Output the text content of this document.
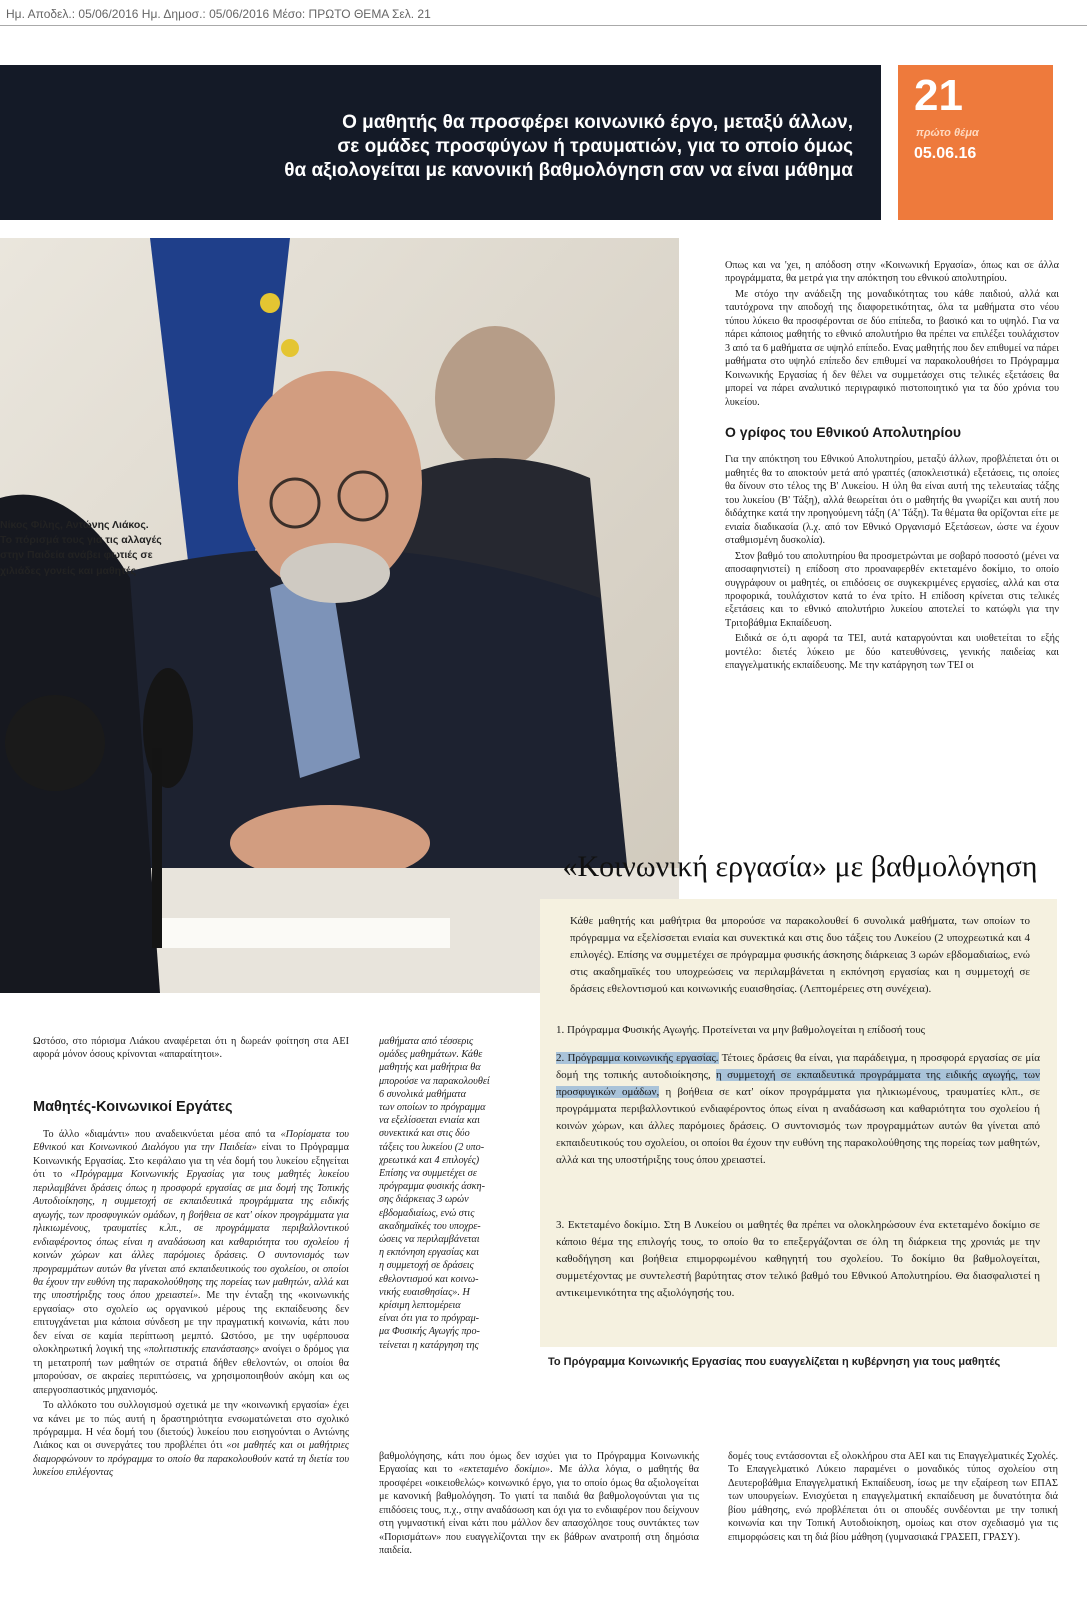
Ημ. Αποδελ.: 05/06/2016 Ημ. Δημοσ.: 05/06/2016 Μέσο: ΠΡΩΤΟ ΘΕΜΑ Σελ. 21

Ο μαθητής θα προσφέρει κοινωνικό έργο, μεταξύ άλλων,
σε ομάδες προσφύγων ή τραυματιών, για το οποίο όμως
θα αξιολογείται με κανονική βαθμολόγηση σαν να είναι μάθημα

21
πρώτο θέμα
05.06.16
Νίκος Φίλης, Αντώνης Λιάκος.
Το πόρισμά τους για τις αλλαγές
στην Παιδεία ανάβει φωτιές σε
χιλιάδες γονείς και μαθητές

Οπως και να 'χει, η απόδοση στην «Κοινωνική Εργασία», όπως και σε άλλα προγράμματα, θα μετρά για την απόκτηση του εθνικού απολυτηρίου.

Με στόχο την ανάδειξη της μοναδικότητας του κάθε παιδιού, αλλά και ταυτόχρονα την αποδοχή της διαφορετικότητας, όλα τα μαθήματα στο νέου τύπου λύκειο θα προσφέρονται σε δύο επίπεδα, το βασικό και το υψηλό. Για να πάρει κάποιος μαθητής το εθνικό απολυτήριο θα πρέπει να επιλέξει τουλάχιστον 3 από τα 6 μαθήματα σε υψηλό επίπεδο. Ενας μαθητής που δεν επιθυμεί να πάρει μαθήματα στο υψηλό επίπεδο δεν επιθυμεί να παρακολουθήσει το Πρόγραμμα Κοινωνικής Εργασίας ή δεν θέλει να συμμετάσχει στις τελικές εξετάσεις θα μπορεί να πάρει αναλυτικό περιγραφικό πιστοποιητικό για τα δύο χρόνια του λυκείου.

Ο γρίφος του Εθνικού Απολυτηρίου

Για την απόκτηση του Εθνικού Απολυτηρίου, μεταξύ άλλων, προβλέπεται ότι οι μαθητές θα το αποκτούν μετά από γραπτές (αποκλειστικά) εξετάσεις, τις οποίες θα δίνουν στο τέλος της Β' Λυκείου. Η ύλη θα είναι αυτή της τελευταίας τάξης του λυκείου (Β' Τάξη), αλλά θεωρείται ότι ο μαθητής θα γνωρίζει και αυτή που διδάχτηκε κατά την προηγούμενη τάξη (Α' Τάξη). Τα θέματα θα ορίζονται είτε με ενιαία διαδικασία (λ.χ. από τον Εθνικό Οργανισμό Εξετάσεων, ώστε να έχουν σταθμισμένη δυσκολία).

Στον βαθμό του απολυτηρίου θα προσμετρώνται με σοβαρό ποσοστό (μένει να αποσαφηνιστεί) η επίδοση στο προαναφερθέν εκτεταμένο δοκίμιο, το οποίο συγγράφουν οι μαθητές, οι επιδόσεις σε συγκεκριμένες εργασίες, αλλά και στα προφορικά, τουλάχιστον κατά το ένα τρίτο. Η επίδοση κρίνεται στις τελικές εξετάσεις και το εθνικό απολυτήριο λυκείου αποτελεί το κατώφλι για την Τριτοβάθμια Εκπαίδευση.

Ειδικά σε ό,τι αφορά τα ΤΕΙ, αυτά καταργούνται και υιοθετείται το εξής μοντέλο: διετές λύκειο με δύο κατευθύνσεις, γενικής παιδείας και επαγγελματικής εκπαίδευσης. Με την κατάργηση των ΤΕΙ οι

«Κοινωνική εργασία» με βαθμολόγηση
Κάθε μαθητής και μαθήτρια θα μπορούσε να παρακολουθεί 6 συνολικά μαθήματα, των οποίων το πρόγραμμα να εξελίσσεται ενιαία και συνεκτικά και στις δυο τάξεις του Λυκείου (2 υποχρεωτικά και 4 επιλογές). Επίσης να συμμετέχει σε πρόγραμμα φυσικής άσκησης διάρκειας 3 ωρών εβδομαδιαίως, ενώ στις ακαδημαϊκές του υποχρεώσεις να περιλαμβάνεται η εκπόνηση εργασίας και η συμμετοχή σε δράσεις εθελοντισμού και κοινωνικής ευαισθησίας. (Λεπτομέρειες στη συνέχεια).
1. Πρόγραμμα Φυσικής Αγωγής. Προτείνεται να μην βαθμολογείται η επίδοσή τους
2. Πρόγραμμα κοινωνικής εργασίας. Τέτοιες δράσεις θα είναι, για παράδειγμα, η προσφορά εργασίας σε μία δομή της τοπικής αυτοδιοίκησης, η συμμετοχή σε εκπαιδευτικά προγράμματα της ειδικής αγωγής, των προσφυγικών ομάδων, η βοήθεια σε κατ' οίκον προγράμματα για ηλικιωμένους, τραυματίες κλπ., σε προγράμματα περιβαλλοντικού ενδιαφέροντος όπως είναι η αναδάσωση και καθαριότητα του σχολείου ή κοινών χώρων, και άλλες παρόμοιες δράσεις. Ο συντονισμός των προγραμμάτων αυτών θα γίνεται από εκπαιδευτικούς του σχολείου, οι οποίοι θα έχουν την ευθύνη της παρακολούθησης της πορείας των μαθητών, αλλά και της υποστήριξης τους όπου χρειαστεί.
3. Εκτεταμένο δοκίμιο. Στη Β Λυκείου οι μαθητές θα πρέπει να ολοκληρώσουν ένα εκτεταμένο δοκίμιο σε κάποιο θέμα της επιλογής τους, το οποίο θα το επεξεργάζονται σε όλη τη διάρκεια της χρονιάς με την καθοδήγηση και βοήθεια επιμορφωμένου καθηγητή του σχολείου. Το δοκίμιο θα βαθμολογείται, συμμετέχοντας με συντελεστή βαρύτητας στον τελικό βαθμό του Εθνικού Απολυτηρίου. Θα διασφαλιστεί η αντικειμενικότητα της αξιολόγησής του.
Το Πρόγραμμα Κοινωνικής Εργασίας που ευαγγελίζεται η κυβέρνηση για τους μαθητές

Ωστόσο, στο πόρισμα Λιάκου αναφέρεται ότι η δωρεάν φοίτηση στα ΑΕΙ αφορά μόνον όσους κρίνονται «απαραίτητοι».

Μαθητές-Κοινωνικοί Εργάτες

Το άλλο «διαμάντι» που αναδεικνύεται μέσα από τα «Πορίσματα του Εθνικού και Κοινωνικού Διαλόγου για την Παιδεία» είναι το Πρόγραμμα Κοινωνικής Εργασίας. Στο κεφάλαιο για τη νέα δομή του λυκείου εξηγείται ότι το «Πρόγραμμα Κοινωνικής Εργασίας για τους μαθητές λυκείου περιλαμβάνει δράσεις όπως η προσφορά εργασίας σε μια δομή της Τοπικής Αυτοδιοίκησης, η συμμετοχή σε εκπαιδευτικά προγράμματα της ειδικής αγωγής, των προσφυγικών ομάδων, η βοήθεια σε κατ' οίκον προγράμματα για ηλικιωμένους, τραυματίες κ.λπ., σε προγράμματα περιβαλλοντικού ενδιαφέροντος όπως είναι η αναδάσωση και καθαριότητα του σχολείου ή κοινών χώρων και άλλες παρόμοιες δράσεις. Ο συντονισμός των προγραμμάτων αυτών θα γίνεται από εκπαιδευτικούς του σχολείου, οι οποίοι θα έχουν την ευθύνη της παρακολούθησης της πορείας των μαθητών, αλλά και της υποστήριξης τους όπου χρειαστεί». Με την ένταξη της «κοινωνικής εργασίας» στο σχολείο ως οργανικού μέρους της εκπαίδευσης δεν επιτυγχάνεται μια κάποια σύνδεση με την πραγματική κοινωνία, κάτι που δεν είναι σε καμία περίπτωση μεμπτό. Ωστόσο, με την υφέρπουσα ολοκληρωτική λογική της «πολιτιστικής επανάστασης» ανοίγει ο δρόμος για τη μετατροπή των μαθητών σε στρατιά δήθεν εθελοντών, οι οποίοι θα μπορούσαν, σε ακραίες περιπτώσεις, να χρησιμοποιηθούν ακόμη και ως απεργοσπαστικός μηχανισμός.

Το αλλόκοτο του συλλογισμού σχετικά με την «κοινωνική εργασία» έχει να κάνει με το πώς αυτή η δραστηριότητα ενσωματώνεται στο σχολικό πρόγραμμα. Η νέα δομή του (διετούς) λυκείου που εισηγούνται ο Αντώνης Λιάκος και οι συνεργάτες του προβλέπει ότι «οι μαθητές και οι μαθήτριες διαμορφώνουν το πρόγραμμα το οποίο θα παρακολουθούν κατά τη διετία του λυκείου επιλέγοντας

μαθήματα από τέσσερις
ομάδες μαθημάτων. Κάθε
μαθητής και μαθήτρια θα
μπορούσε να παρακολουθεί
6 συνολικά μαθήματα
των οποίων το πρόγραμμα
να εξελίσσεται ενιαία και
συνεκτικά και στις δύο
τάξεις του λυκείου (2 υπο-
χρεωτικά και 4 επιλογές)
Επίσης να συμμετέχει σε
πρόγραμμα φυσικής άσκη-
σης διάρκειας 3 ωρών
εβδομαδιαίως, ενώ στις
ακαδημαϊκές του υποχρε-
ώσεις να περιλαμβάνεται
η εκπόνηση εργασίας και
η συμμετοχή σε δράσεις
εθελοντισμού και κοινω-
νικής ευαισθησίας». Η
κρίσιμη λεπτομέρεια
είναι ότι για το πρόγραμ-
μα Φυσικής Αγωγής προ-
τείνεται η κατάργηση της

βαθμολόγησης, κάτι που όμως δεν ισχύει για το Πρόγραμμα Κοινωνικής Εργασίας και το «εκτεταμένο δοκίμιο». Με άλλα λόγια, ο μαθητής θα προσφέρει «οικειοθελώς» κοινωνικό έργο, για το οποίο όμως θα αξιολογείται με κανονική βαθμολόγηση. Το γιατί τα παιδιά θα βαθμολογούνται για τις επιδόσεις τους, π.χ., στην αναδάσωση και όχι για το ενδιαφέρον που δείχνουν στη γυμναστική είναι κάτι που μάλλον δεν απασχόλησε τους συντάκτες των «Πορισμάτων» που ευαγγελίζονται την εκ βάθρων ανατροπή στη δημόσια παιδεία.

δομές τους εντάσσονται εξ ολοκλήρου στα ΑΕΙ και τις Επαγγελματικές Σχολές. Το Επαγγελματικό Λύκειο παραμένει ο μοναδικός τύπος σχολείου στη Δευτεροβάθμια Επαγγελματική Εκπαίδευση, ίσως με την εξαίρεση των ΕΠΑΣ των υπουργείων. Ενισχύεται η επαγγελματική εκπαίδευση με δυνατότητα διά βίου μάθησης, ενώ προβλέπεται ότι οι σπουδές συνδέονται με την τοπική κοινωνία και την Τοπική Αυτοδιοίκηση, ομοίως και στον σχεδιασμό για τις επιμορφώσεις και τη διά βίου μάθηση (γυμνασιακά ΓΡΑΣΕΠ, ΓΡΑΣΥ).
